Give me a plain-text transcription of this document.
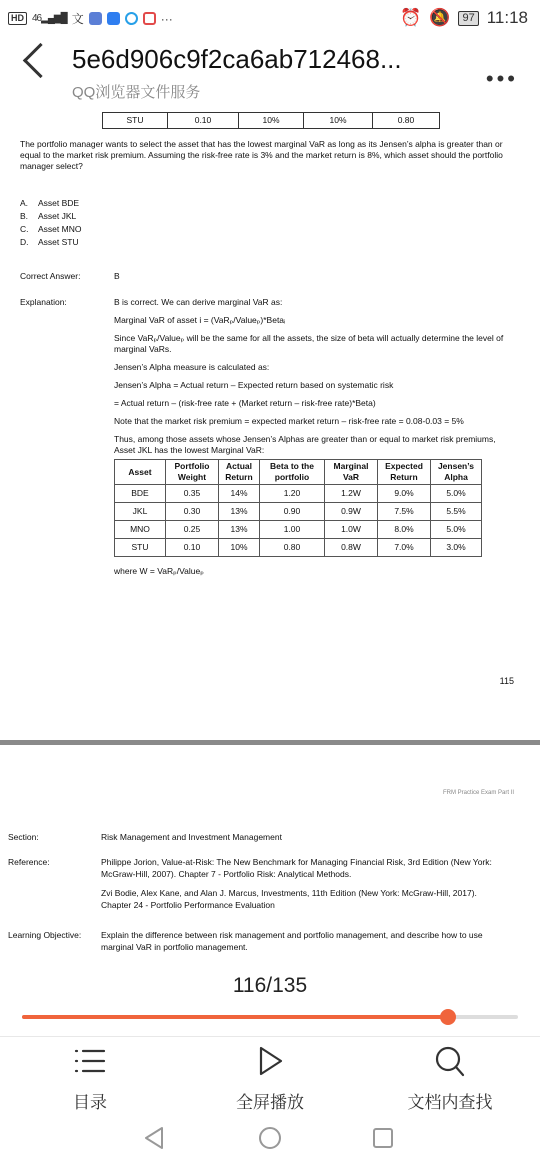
HD 46▂▄▆█ 文	···	⏰ 🔕	97 11:18
5e6d906c9f2ca6ab712468...
QQ浏览器文件服务
•••
STU	0.10	10%	10%	0.80
The portfolio manager wants to select the asset that has the lowest marginal VaR as long as its Jensen’s alpha is greater than or equal to the market risk premium. Assuming the risk-free rate is 3% and the market return is 8%, which asset should the portfolio manager select?
A. Asset BDE
B. Asset JKL
C. Asset MNO
D. Asset STU
Correct Answer:	B
Explanation:	B is correct. We can derive marginal VaR as:

Marginal VaR of asset i = (VaRₚ/Valueₚ)*Betaᵢ

Since VaRₚ/Valueₚ will be the same for all the assets, the size of beta will actually determine the level of marginal VaRs.

Jensen’s Alpha measure is calculated as:

Jensen’s Alpha = Actual return – Expected return based on systematic risk

= Actual return – (risk-free rate + (Market return – risk-free rate)*Beta)

Note that the market risk premium = expected market return – risk-free rate = 0.08-0.03 = 5%

Thus, among those assets whose Jensen’s Alphas are greater than or equal to market risk premiums, Asset JKL has the lowest Marginal VaR:

Asset	Portfolio Weight	Actual Return	Beta to the portfolio	Marginal VaR	Expected Return	Jensen’s Alpha
BDE	0.35	14%	1.20	1.2W	9.0%	5.0%
JKL	0.30	13%	0.90	0.9W	7.5%	5.5%
MNO	0.25	13%	1.00	1.0W	8.0%	5.0%
STU	0.10	10%	0.80	0.8W	7.0%	3.0%

where W = VaRₚ/Valueₚ

115
FRM Practice Exam Part II
Section:	Risk Management and Investment Management
Reference:	Philippe Jorion, Value-at-Risk: The New Benchmark for Managing Financial Risk, 3rd Edition (New York: McGraw-Hill, 2007). Chapter 7 - Portfolio Risk: Analytical Methods.
Zvi Bodie, Alex Kane, and Alan J. Marcus, Investments, 11th Edition (New York: McGraw-Hill, 2017). Chapter 24 - Portfolio Performance Evaluation
Learning Objective: Explain the difference between risk management and portfolio management, and describe how to use marginal VaR in portfolio management.
116/135
目录	全屏播放	文档内查找
